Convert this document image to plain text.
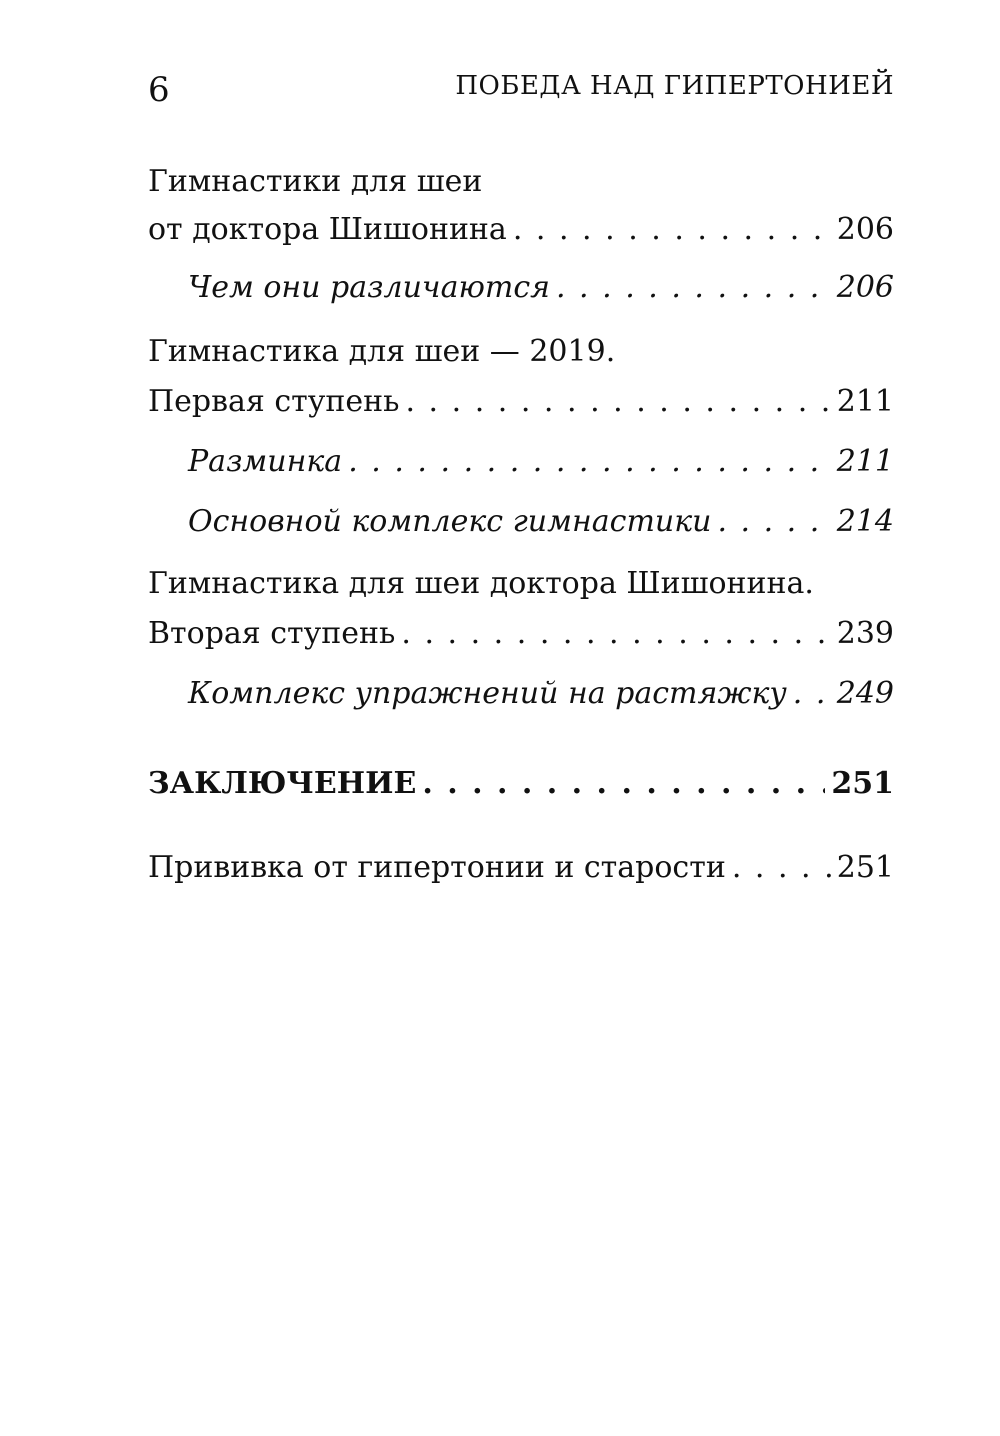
6	ПОБЕДА НАД ГИПЕРТОНИЕЙ
Гимнастики для шеи
от доктора Шишонина . . .	206
Чем они различаются . . .	206
Гимнастика для шеи — 2019.
Первая ступень . . .	211
Разминка . . .	211
Основной комплекс гимнастики . . .	214
Гимнастика для шеи доктора Шишонина.
Вторая ступень . . .	239
Комплекс упражнений на растяжку . . . 249
ЗАКЛЮЧЕНИЕ . . .	251
Прививка от гипертонии и старости . . .	251
